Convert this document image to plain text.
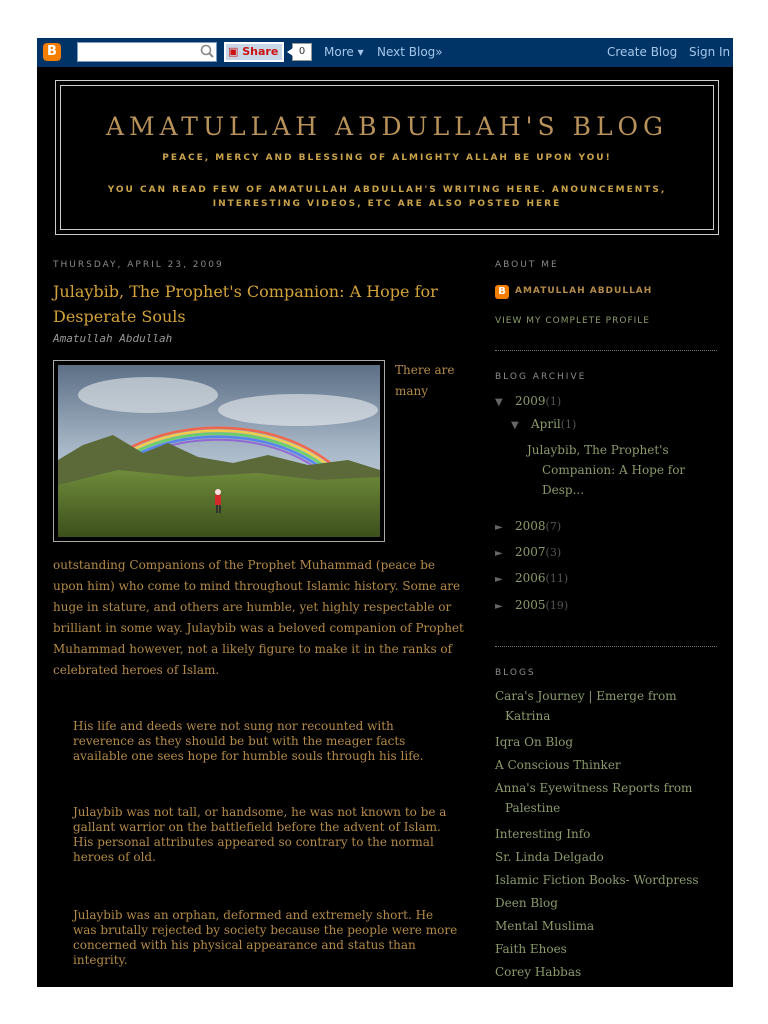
B	▣ Share	0	More ▾ Next Blog»	Create Blog Sign In
AMATULLAH ABDULLAH'S BLOG
PEACE, MERCY AND BLESSING OF ALMIGHTY ALLAH BE UPON YOU!
YOU CAN READ FEW OF AMATULLAH ABDULLAH'S WRITING HERE. ANOUNCEMENTS, INTERESTING VIDEOS, ETC ARE ALSO POSTED HERE
THURSDAY, APRIL 23, 2009
Julaybib, The Prophet's Companion: A Hope for Desperate Souls
Amatullah Abdullah
There are many

outstanding Companions of the Prophet Muhammad (peace be upon him) who come to mind throughout Islamic history. Some are huge in stature, and others are humble, yet highly respectable or brilliant in some way. Julaybib was a beloved companion of Prophet Muhammad however, not a likely figure to make it in the ranks of celebrated heroes of Islam.

His life and deeds were not sung nor recounted with reverence as they should be but with the meager facts available one sees hope for humble souls through his life.

Julaybib was not tall, or handsome, he was not known to be a gallant warrior on the battlefield before the advent of Islam. His personal attributes appeared so contrary to the normal heroes of old.

Julaybib was an orphan, deformed and extremely short. He was brutally rejected by society because the people were more concerned with his physical appearance and status than integrity.

ABOUT ME
B	AMATULLAH ABDULLAH
VIEW MY COMPLETE PROFILE
BLOG ARCHIVE
▼ 2009(1)
▼ April(1)
Julaybib, The Prophet's Companion: A Hope for Desp...
► 2008(7)
► 2007(3)
► 2006(11)
► 2005(19)
BLOGS
Cara's Journey | Emerge from Katrina
Iqra On Blog
A Conscious Thinker
Anna's Eyewitness Reports from Palestine
Interesting Info
Sr. Linda Delgado
Islamic Fiction Books- Wordpress
Deen Blog
Mental Muslima
Faith Ehoes
Corey Habbas
